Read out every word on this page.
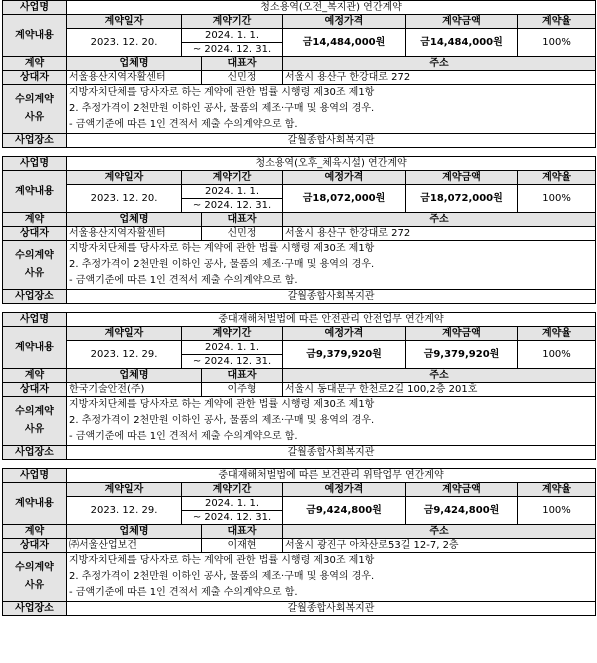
사업명	청소용역(오전_복지관) 연간계약					
계약내용	계약일자	계약기간		예정가격	계약금액	계약율
	2023. 12. 20.	2024. 1. 1.		금14,484,000원	금14,484,000원	100%
		~ 2024. 12. 31.				
계약	업체명		대표자	주소		
상대자	서울용산지역자활센터		신민정	서울시 용산구 한강대로 272		

수의계약
사유	지방자치단체를 당사자로 하는 계약에 관한 법률 시행령 제30조 제1항
2. 추정가격이 2천만원 이하인 공사, 물품의 제조·구매 및 용역의 경우.
- 금액기준에 따른 1인 견적서 제출 수의계약으로 함.					

사업장소	갈월종합사회복지관					
사업명	청소용역(오후_체육시설) 연간계약					
계약내용	계약일자	계약기간		예정가격	계약금액	계약율
	2023. 12. 20.	2024. 1. 1.		금18,072,000원	금18,072,000원	100%
		~ 2024. 12. 31.				
계약	업체명		대표자	주소		
상대자	서울용산지역자활센터		신민정	서울시 용산구 한강대로 272		

수의계약
사유	지방자치단체를 당사자로 하는 계약에 관한 법률 시행령 제30조 제1항
2. 추정가격이 2천만원 이하인 공사, 물품의 제조·구매 및 용역의 경우.
- 금액기준에 따른 1인 견적서 제출 수의계약으로 함.					

사업장소	갈월종합사회복지관					
사업명	중대재해처벌법에 따른 안전관리 안전업무 연간계약					
계약내용	계약일자	계약기간		예정가격	계약금액	계약율
	2023. 12. 29.	2024. 1. 1.		금9,379,920원	금9,379,920원	100%
		~ 2024. 12. 31.				
계약	업체명		대표자	주소		
상대자	한국기술안전(주)		이주형	서울시 동대문구 한천로2길 100,2층 201호		

수의계약
사유	지방자치단체를 당사자로 하는 계약에 관한 법률 시행령 제30조 제1항
2. 추정가격이 2천만원 이하인 공사, 물품의 제조·구매 및 용역의 경우.
- 금액기준에 따른 1인 견적서 제출 수의계약으로 함.					

사업장소	갈월종합사회복지관					
사업명	중대재해처벌법에 따른 보건관리 위탁업무 연간계약					
계약내용	계약일자	계약기간		예정가격	계약금액	계약율
	2023. 12. 29.	2024. 1. 1.		금9,424,800원	금9,424,800원	100%
		~ 2024. 12. 31.				
계약	업체명		대표자	주소		
상대자	㈜서울산업보건		이재현	서울시 광진구 아차산로53길 12-7, 2층		

수의계약
사유	지방자치단체를 당사자로 하는 계약에 관한 법률 시행령 제30조 제1항
2. 추정가격이 2천만원 이하인 공사, 물품의 제조·구매 및 용역의 경우.
- 금액기준에 따른 1인 견적서 제출 수의계약으로 함.					

사업장소	갈월종합사회복지관					
